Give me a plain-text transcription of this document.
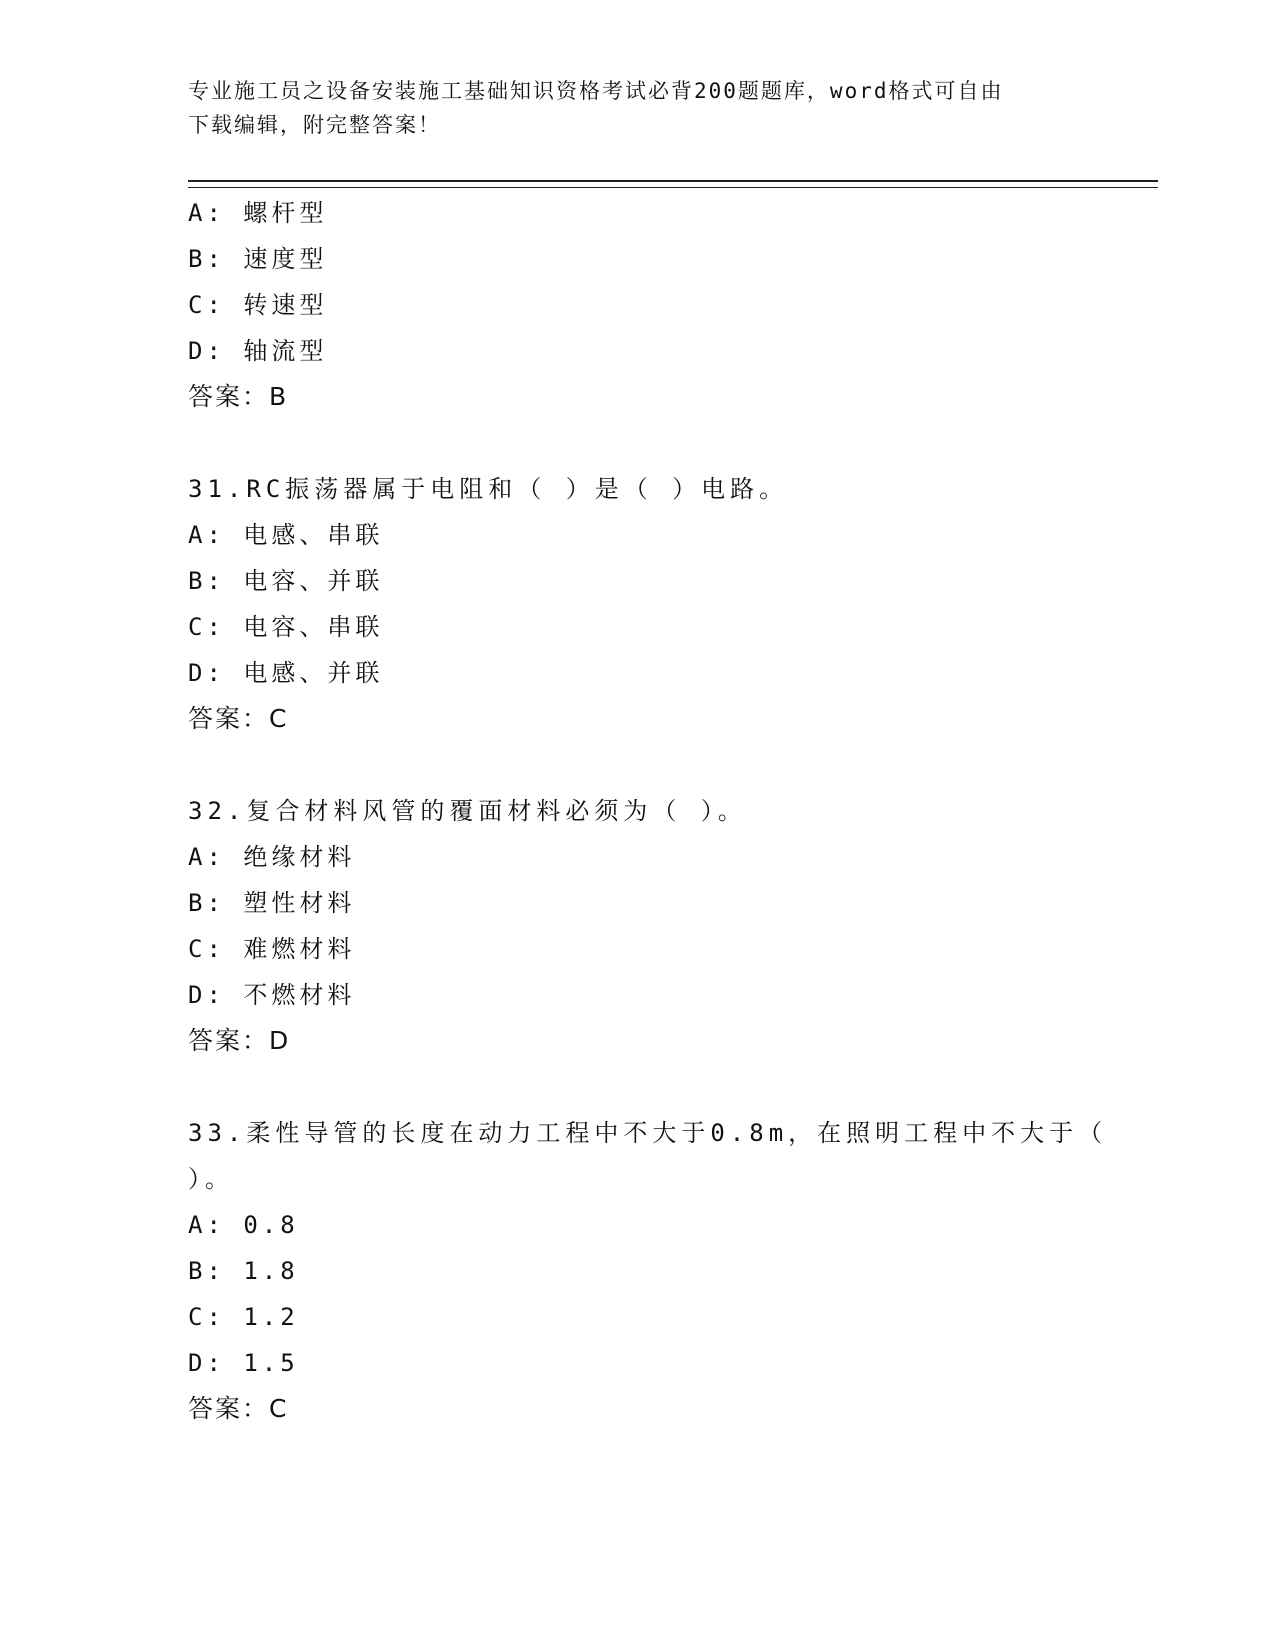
专业施工员之设备安装施工基础知识资格考试必背200题题库，word格式可自由
下载编辑，附完整答案！
A: 螺杆型
B: 速度型
C: 转速型
D: 轴流型
答案：B
31.RC振荡器属于电阻和（ ）是（ ）电路。
A: 电感、串联
B: 电容、并联
C: 电容、串联
D: 电感、并联
答案：C
32.复合材料风管的覆面材料必须为（ ）。
A: 绝缘材料
B: 塑性材料
C: 难燃材料
D: 不燃材料
答案：D
33.柔性导管的长度在动力工程中不大于0.8m，在照明工程中不大于（
）。
A: 0.8
B: 1.8
C: 1.2
D: 1.5
答案：C
